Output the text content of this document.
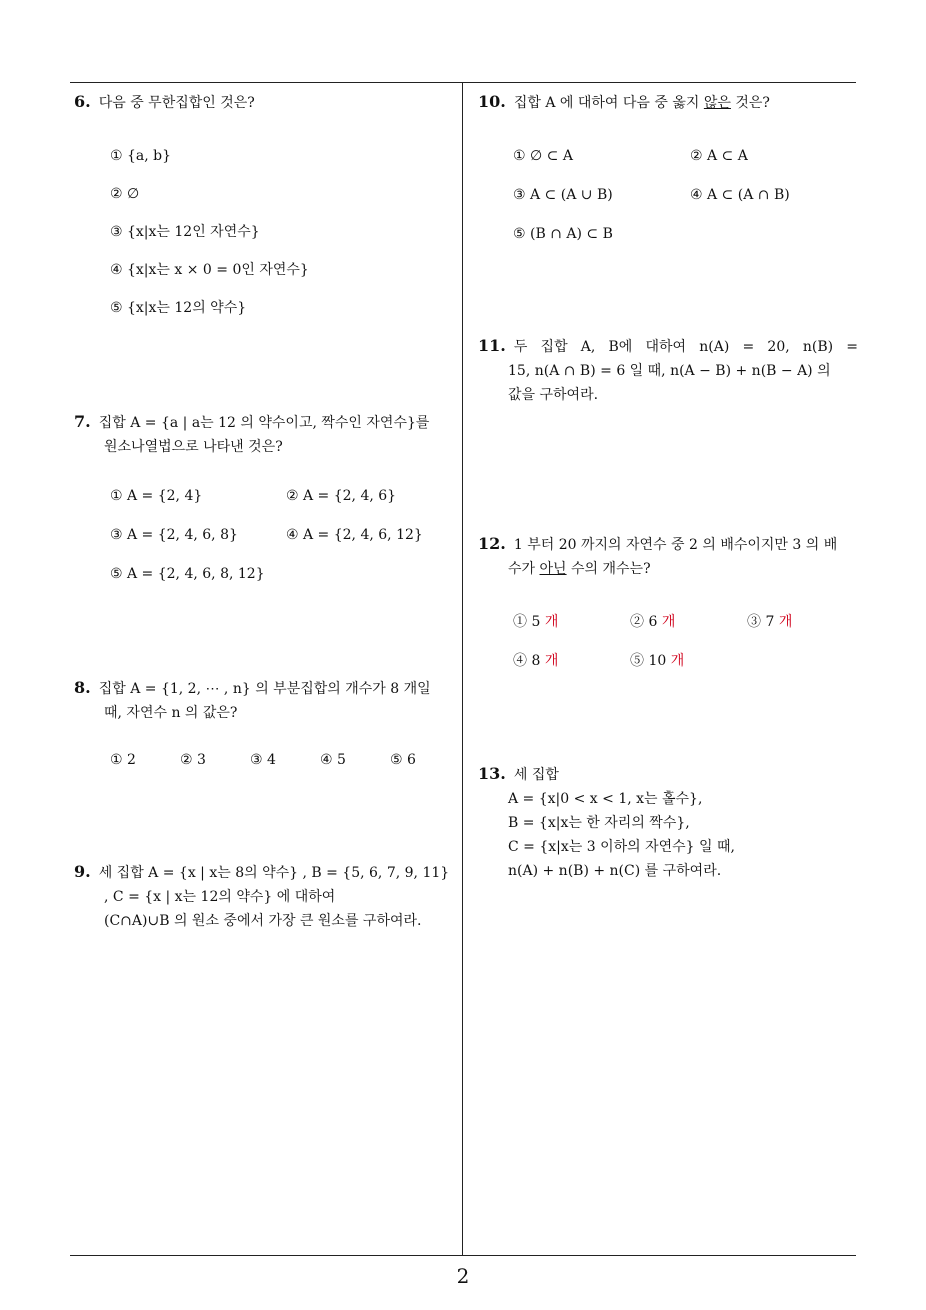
6. 다음 중 무한집합인 것은?
① {a, b}
② ∅
③ {x|x는 12인 자연수}
④ {x|x는 x × 0 = 0인 자연수}
⑤ {x|x는 12의 약수}
7. 집합 A = {a | a는 12 의 약수이고, 짝수인 자연수}를
원소나열법으로 나타낸 것은?
① A = {2, 4}	② A = {2, 4, 6}
③ A = {2, 4, 6, 8}	④ A = {2, 4, 6, 12}
⑤ A = {2, 4, 6, 8, 12}
8. 집합 A = {1, 2, ⋯ , n} 의 부분집합의 개수가 8 개일
때, 자연수 n 의 값은?
① 2	② 3	③ 4	④ 5	⑤ 6
9. 세 집합 A = {x | x는 8의 약수} , B = {5, 6, 7, 9, 11}
, C = {x | x는 12의 약수} 에 대하여
(C∩A)∪B 의 원소 중에서 가장 큰 원소를 구하여라.
10. 집합 A 에 대하여 다음 중 옳지 않은 것은?
① ∅ ⊂ A	② A ⊂ A
③ A ⊂ (A ∪ B)	④ A ⊂ (A ∩ B)
⑤ (B ∩ A) ⊂ B
11. 두 집합 A, B에 대하여 n(A) = 20, n(B) =
15, n(A ∩ B) = 6 일 때, n(A − B) + n(B − A) 의
값을 구하여라.
12. 1 부터 20 까지의 자연수 중 2 의 배수이지만 3 의 배
수가 아닌 수의 개수는?
① 5 개	② 6 개	③ 7 개
④ 8 개	⑤ 10 개
13. 세 집합
A = {x|0 < x < 1, x는 홀수},
B = {x|x는 한 자리의 짝수},
C = {x|x는 3 이하의 자연수} 일 때,
n(A) + n(B) + n(C) 를 구하여라.
2
